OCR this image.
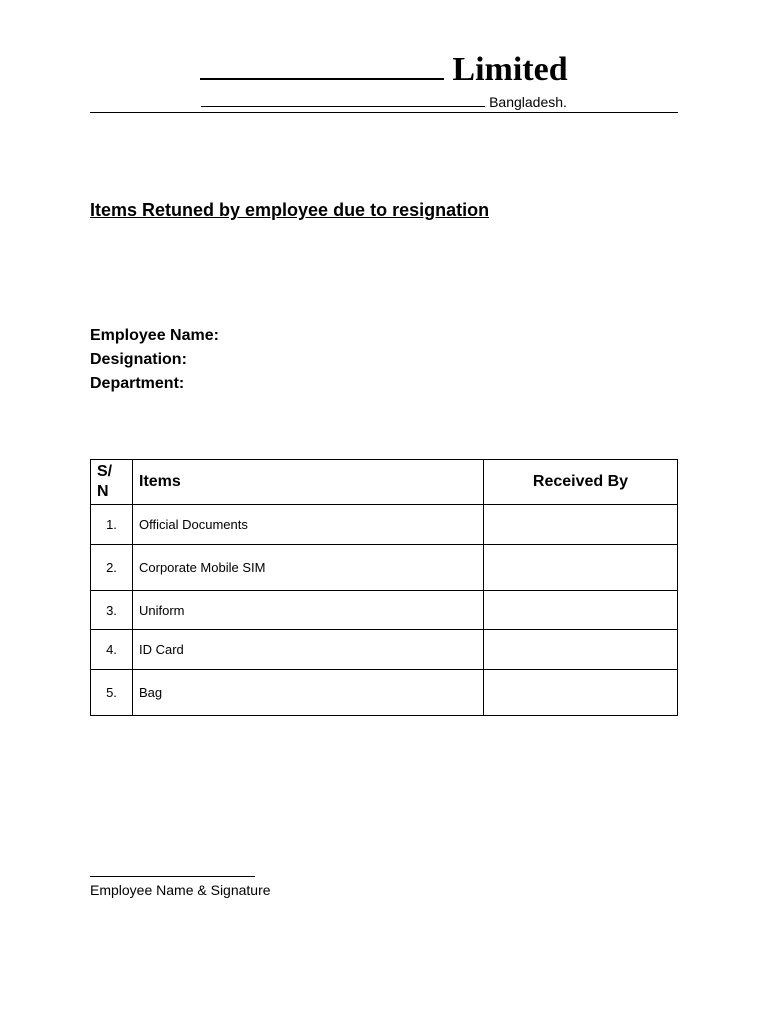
Limited
Bangladesh.
Items Retuned by employee due to resignation
Employee Name:
Designation:
Department:
S/ N	Items	Received By
1.	Official Documents	
2.	Corporate Mobile SIM	
3.	Uniform	
4.	ID Card	
5.	Bag	
Employee Name & Signature
